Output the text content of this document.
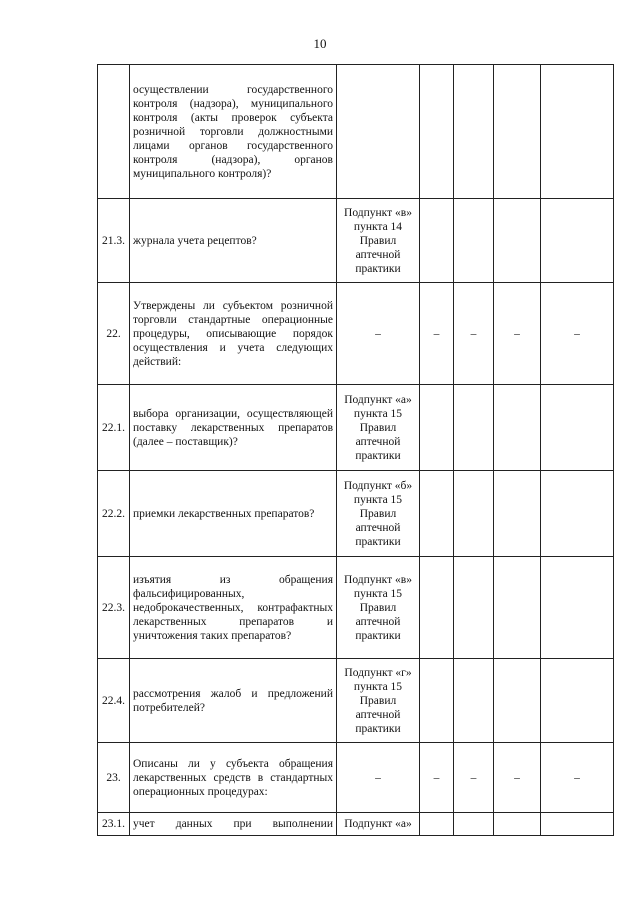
10
	осуществлении государственного контроля (надзора), муниципального контроля (акты проверок субъекта розничной торговли должностными лицами органов государственного контроля (надзора), органов муниципального контроля)?					
21.3.	журнала учета рецептов?	Подпункт «в» пункта 14 Правил аптечной практики				
22.	Утверждены ли субъектом розничной торговли стандартные операционные процедуры, описывающие порядок осуществления и учета следующих действий:	–	–	–	–	–
22.1.	выбора организации, осуществляющей поставку лекарственных препаратов (далее – поставщик)?	Подпункт «а» пункта 15 Правил аптечной практики				
22.2.	приемки лекарственных препаратов?	Подпункт «б» пункта 15 Правил аптечной практики				
22.3.	изъятия из обращения фальсифицированных, недоброкачественных, контрафактных лекарственных препаратов и уничтожения таких препаратов?	Подпункт «в» пункта 15 Правил аптечной практики				
22.4.	рассмотрения жалоб и предложений потребителей?	Подпункт «г» пункта 15 Правил аптечной практики				
23.	Описаны ли у субъекта обращения лекарственных средств в стандартных операционных процедурах:	–	–	–	–	–
23.1.	учет данных при выполнении	Подпункт «а»				
